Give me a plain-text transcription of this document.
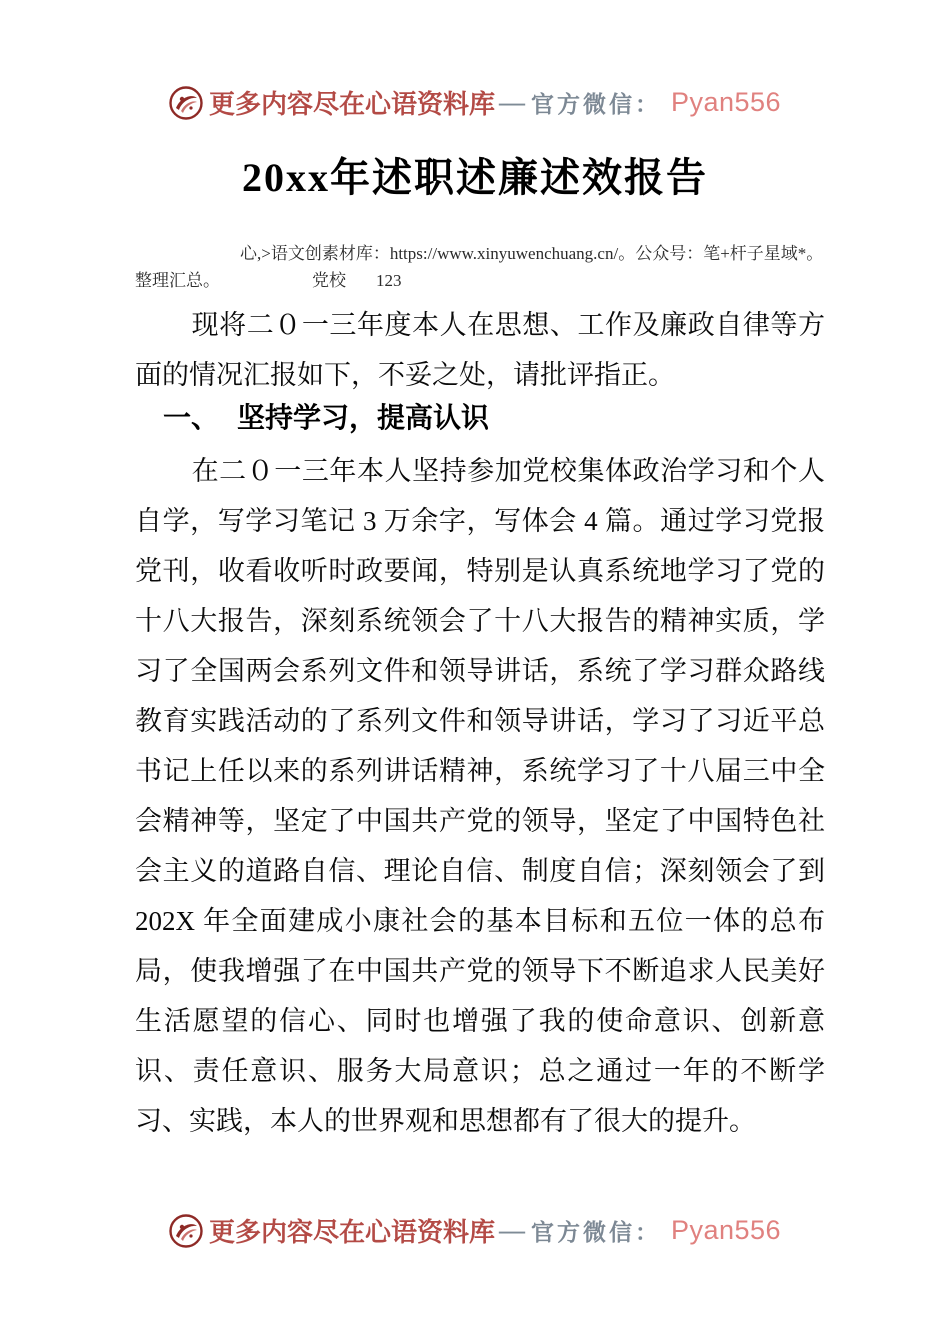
更多内容尽在心语资料库 — 官方微信： Pyan556
20xx年述职述廉述效报告
心,>语文创素材库：https://www.xinyuwenchuang.cn/。公众号：笔+杆子星域*。
整理汇总。	党校 123
现将二０一三年度本人在思想、工作及廉政自律等方面的情况汇报如下，不妥之处，请批评指正。
一、 坚持学习，提高认识
在二０一三年本人坚持参加党校集体政治学习和个人自学，写学习笔记 3 万余字，写体会 4 篇。通过学习党报党刊，收看收听时政要闻，特别是认真系统地学习了党的十八大报告，深刻系统领会了十八大报告的精神实质，学习了全国两会系列文件和领导讲话，系统了学习群众路线教育实践活动的了系列文件和领导讲话，学习了习近平总书记上任以来的系列讲话精神，系统学习了十八届三中全会精神等，坚定了中国共产党的领导，坚定了中国特色社会主义的道路自信、理论自信、制度自信；深刻领会了到 202X 年全面建成小康社会的基本目标和五位一体的总布局，使我增强了在中国共产党的领导下不断追求人民美好生活愿望的信心、同时也增强了我的使命意识、创新意识、责任意识、服务大局意识；总之通过一年的不断学习、实践，本人的世界观和思想都有了很大的提升。
更多内容尽在心语资料库 — 官方微信： Pyan556
